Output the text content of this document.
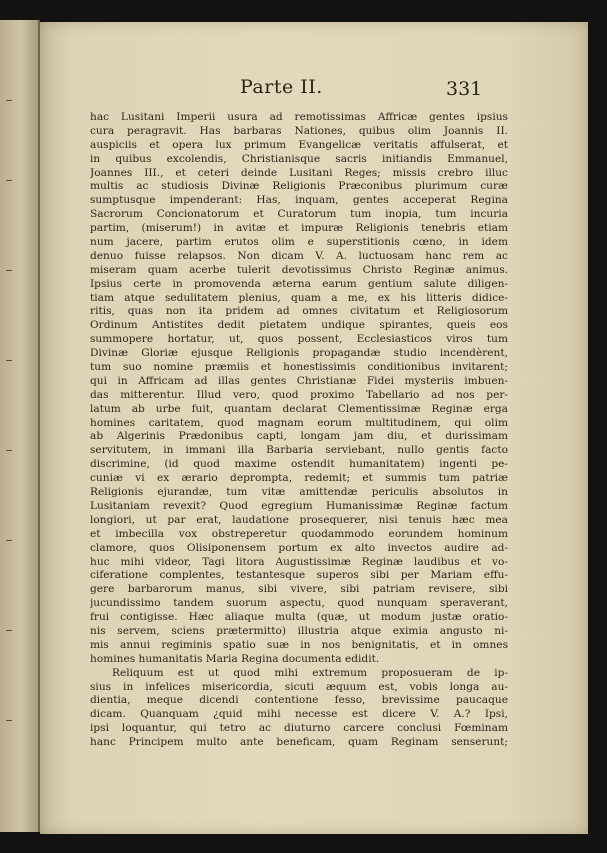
Parte II.	331
hac Lusitani Imperii usura ad remotissimas Affricæ gentes ipsius
cura peragravit. Has barbaras Nationes, quibus olim Joannis II.
auspiciis et opera lux primum Evangelicæ veritatis affulserat, et
in quibus excolendis, Christianisque sacris initiandis Emmanuel,
Joannes III., et ceteri deinde Lusitani Reges; missis crebro illuc
multis ac studiosis Divinæ Religionis Præconibus plurimum curæ
sumptusque impenderant: Has, inquam, gentes acceperat Regina
Sacrorum Concionatorum et Curatorum tum inopia, tum incuria
partim, (miserum!) in avitæ et impuræ Religionis tenebris etiam
num jacere, partim erutos olim e superstitionis cœno, in idem
denuo fuisse relapsos. Non dicam V. A. luctuosam hanc rem ac
miseram quam acerbe tulerit devotissimus Christo Reginæ animus.
Ipsius certe in promovenda æterna earum gentium salute diligen-
tiam atque sedulitatem plenius, quam a me, ex his litteris didice-
ritis, quas non ita pridem ad omnes civitatum et Religiosorum
Ordinum Antistites dedit pietatem undique spirantes, queis eos
summopere hortatur, ut, quos possent, Ecclesiasticos viros tum
Divinæ Gloriæ ejusque Religionis propagandæ studio incendèrent,
tum suo nomine præmiis et honestissimis conditionibus invitarent;
qui in Affricam ad illas gentes Christianæ Fidei mysteriis imbuen-
das mitterentur. Illud vero, quod proximo Tabellario ad nos per-
latum ab urbe fuit, quantam declarat Clementissimæ Reginæ erga
homines caritatem, quod magnam eorum multitudinem, qui olim
ab Algerinis Prædonibus capti, longam jam diu, et durissimam
servitutem, in immani illa Barbaria serviebant, nullo gentis facto
discrimine, (id quod maxime ostendit humanitatem) ingenti pe-
cuniæ vi ex ærario deprompta, redemit; et summis tum patriæ
Religionis ejurandæ, tum vitæ amittendæ periculis absolutos in
Lusitaniam revexit? Quod egregium Humanissimæ Reginæ factum
longiori, ut par erat, laudatione prosequerer, nisi tenuis hæc mea
et imbecilla vox obstreperetur quodammodo eorundem hominum
clamore, quos Olisiponensem portum ex alto invectos audire ad-
huc mihi videor, Tagi litora Augustissimæ Reginæ laudibus et vo-
ciferatione complentes, testantesque superos sibi per Mariam effu-
gere barbarorum manus, sibi vivere, sibi patriam revisere, sibi
jucundissimo tandem suorum aspectu, quod nunquam speraverant,
frui contigisse. Hæc aliaque multa (quæ, ut modum justæ oratio-
nis servem, sciens prætermitto) illustria atque eximia angusto ni-
mis annui regiminis spatio suæ in nos benignitatis, et in omnes
homines humanitatis Maria Regina documenta edidit.
Reliquum est ut quod mihi extremum proposueram de ip-
sius in infelices misericordia, sicuti æquum est, vobis longa au-
dientia, meque dicendi contentione fesso, brevissime paucaque
dicam. Quanquam ¿quid mihi necesse est dicere V. A.? Ipsi,
ipsi loquantur, qui tetro ac diuturno carcere conclusi Fœminam
hanc Principem multo ante beneficam, quam Reginam senserunt;
